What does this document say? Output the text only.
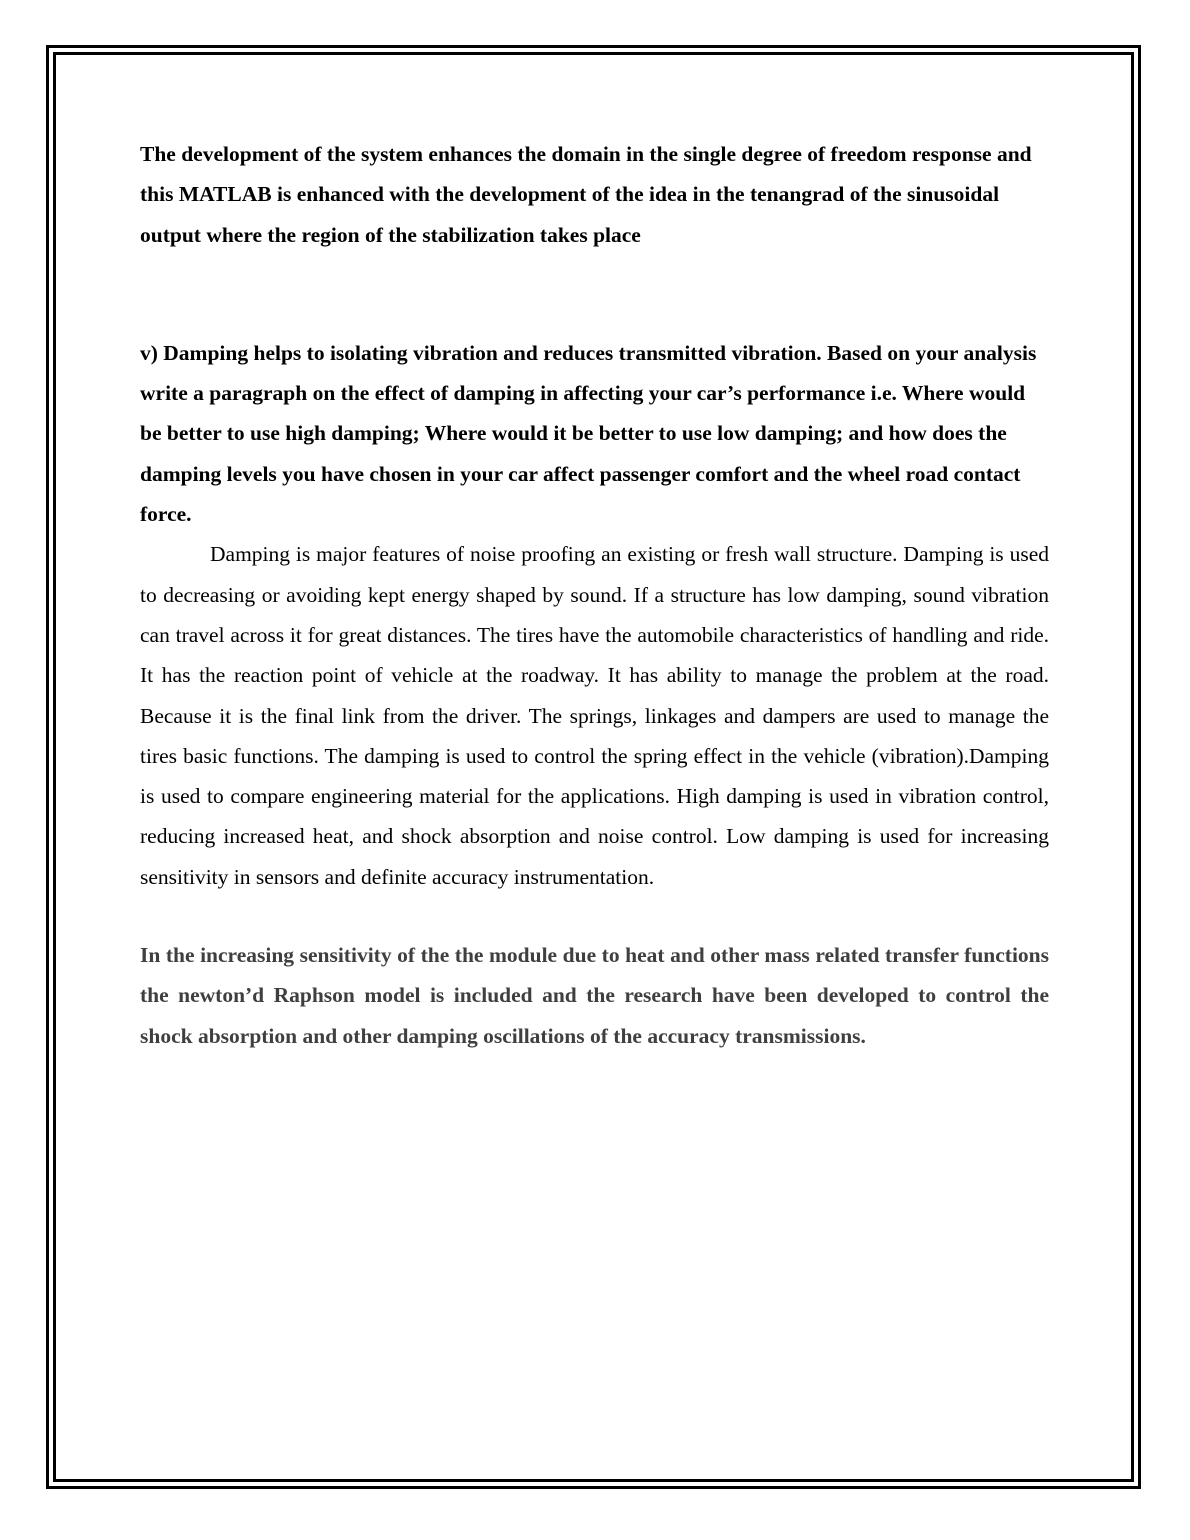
The development of the system enhances the domain in the single degree of freedom response and this MATLAB is enhanced with the development of the idea in the tenangrad of the sinusoidal output where the region of the stabilization takes place

v) Damping helps to isolating vibration and reduces transmitted vibration. Based on your analysis write a paragraph on the effect of damping in affecting your car’s performance i.e. Where would be better to use high damping; Where would it be better to use low damping; and how does the damping levels you have chosen in your car affect passenger comfort and the wheel road contact force.

Damping is major features of noise proofing an existing or fresh wall structure. Damping is used to decreasing or avoiding kept energy shaped by sound. If a structure has low damping, sound vibration can travel across it for great distances. The tires have the automobile characteristics of handling and ride. It has the reaction point of vehicle at the roadway. It has ability to manage the problem at the road. Because it is the final link from the driver. The springs, linkages and dampers are used to manage the tires basic functions. The damping is used to control the spring effect in the vehicle (vibration).Damping is used to compare engineering material for the applications. High damping is used in vibration control, reducing increased heat, and shock absorption and noise control. Low damping is used for increasing sensitivity in sensors and definite accuracy instrumentation.

In the increasing sensitivity of the the module due to heat and other mass related transfer functions the newton’d Raphson model is included and the research have been developed to control the shock absorption and other damping oscillations of the accuracy transmissions.
